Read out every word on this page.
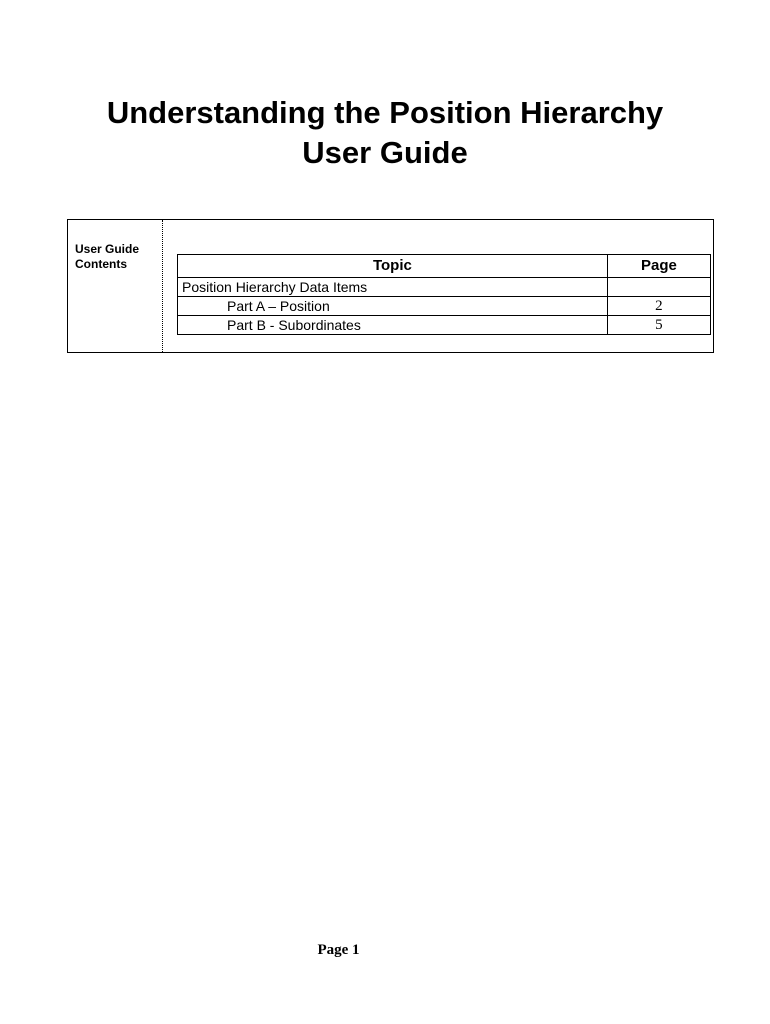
Understanding the Position Hierarchy
User Guide
User Guide
Contents	Topic	Page
Position Hierarchy Data Items	
Part A – Position	2
Part B - Subordinates	5
Page 1
